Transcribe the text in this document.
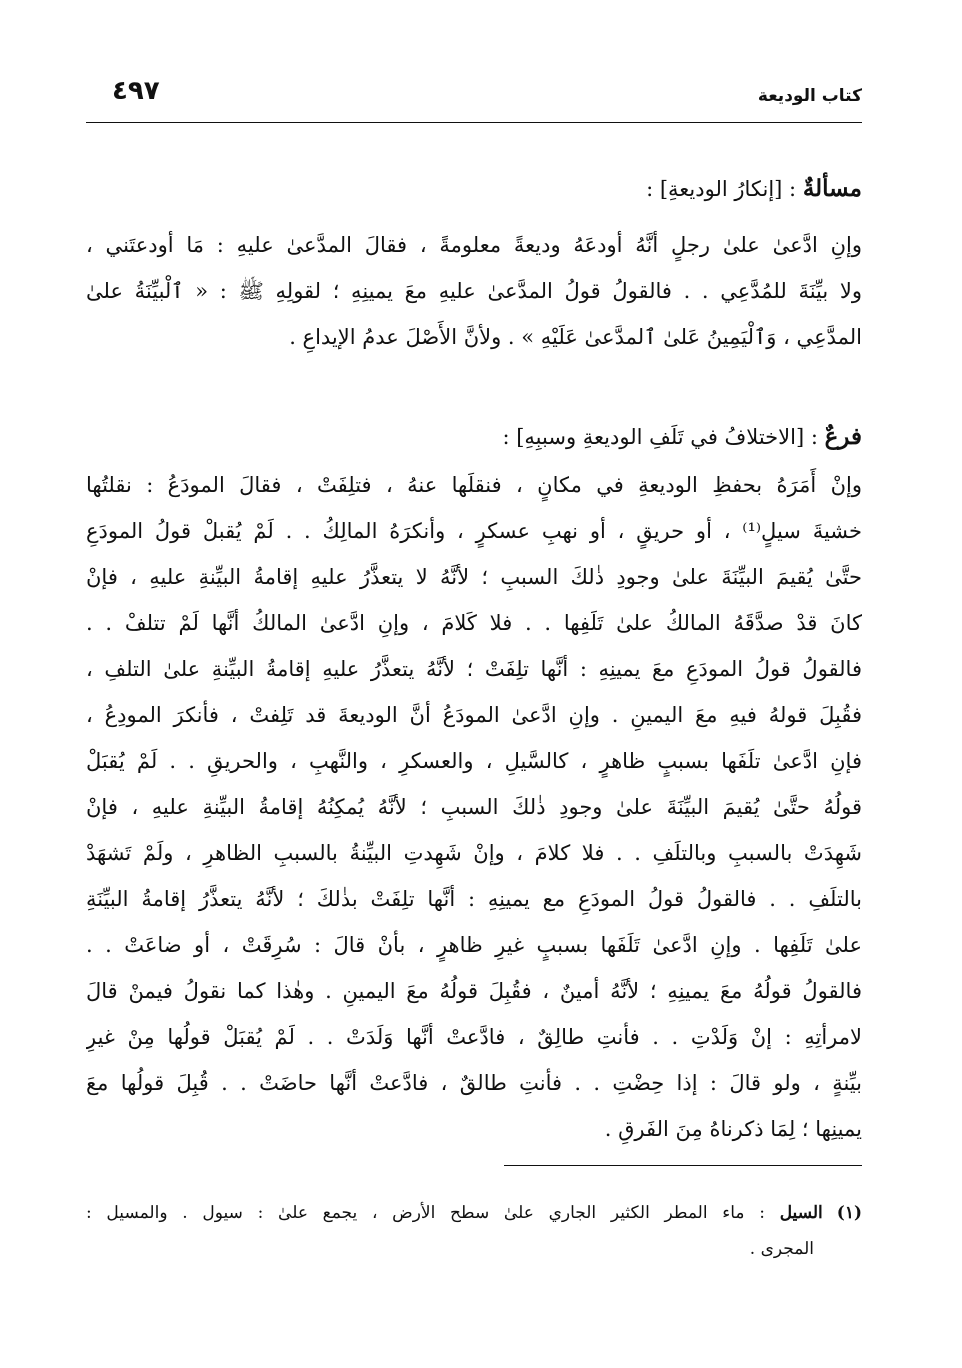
كتاب الوديعة
٤٩٧
مسألةٌ : [إنكارُ الوديعةِ] :
وإنِ ادَّعىٰ علىٰ رجلٍ أنَّهُ أودعَهُ وديعةً معلومةً ، فقالَ المدَّعىٰ عليهِ : مَا أودعتَني ،
ولا بيِّنَةَ للمُدَّعِي . . فالقولُ قولُ المدَّعىٰ عليهِ معَ يمينِهِ ؛ لقولِهِ ﷺ : « ٱلْبيِّنَةُ علىٰ
المدَّعِي ، وَٱلْيَمِينُ عَلىٰ ٱلمدَّعىٰ عَلَيْهِ » . ولأنَّ الأَصْلَ عدمُ الإيداعِ .
فرعٌ : [الاختلافُ في تَلَفِ الوديعةِ وسببِهِ] :
وإنْ أَمَرَهُ بحفظِ الوديعةِ في مكانٍ ، فنقلَها عنهُ ، فتلِفَتْ ، فقالَ المودَعُ : نقلتُها
خشيةَ سيلٍ⁽¹⁾ ، أو حريقٍ ، أو نهبِ عسكرٍ ، وأنكرَهُ المالِكُ . . لَمْ يُقبلْ قولُ المودَعِ
حتَّىٰ يُقيمَ البيِّنَةَ علىٰ وجودِ ذٰلكَ السببِ ؛ لأنَّهُ لا يتعذَّرُ عليهِ إقامةُ البيِّنةِ عليهِ ، فإنْ
كانَ قدْ صدَّقَهُ المالكُ علىٰ تَلَفِها . . فلا كَلامَ ، وإنِ ادَّعىٰ المالكُ أنَّها لَمْ تتلفْ . .
فالقولُ قولُ المودَعِ معَ يمينِهِ : أنَّها تلِفَتْ ؛ لأنَّهُ يتعذَّرُ عليهِ إقامةُ البيِّنةِ علىٰ التلفِ ،
فقُبِلَ قولهُ فيهِ معَ اليمينِ . وإنِ ادَّعىٰ المودَعُ أنَّ الوديعةَ قد تَلِفتْ ، فأنكرَ المودِعُ ،
فإنِ ادَّعىٰ تلَفَها بسببٍ ظاهرٍ ، كالسَّيلِ ، والعسكرِ ، والنَّهبِ ، والحريقِ . . لَمْ يُقبَلْ
قولُهُ حتَّىٰ يُقيمَ البيِّنَةَ علىٰ وجودِ ذٰلكَ السببِ ؛ لأنَّهُ يُمكِنُهُ إقامةُ البيِّنةِ عليهِ ، فإنْ
شَهِدَتْ بالسببِ وبالتلَفِ . . فلا كلامَ ، وإنْ شَهِدتِ البيِّنةُ بالسببِ الظاهرِ ، ولَمْ تَشهَدْ
بالتلَفِ . . فالقولُ قولُ المودَعِ مع يمينِهِ : أنَّها تلِفَتْ بذٰلكَ ؛ لأنَّهُ يتعذَّرُ إقامةُ البيِّنَةِ
علىٰ تَلَفِها . وإنِ ادَّعىٰ تَلَفَها بسببٍ غيرِ ظاهرٍ ، بأنْ قالَ : سُرِقَتْ ، أو ضاعَتْ . .
فالقولُ قولُهُ معَ يمينِهِ ؛ لأنَّهُ أمينٌ ، فقُبِلَ قولُهُ معَ اليمينِ . وهٰذا كما نقولُ فيمنْ قالَ
لامرأتِهِ : إنْ وَلَدْتِ . . فأنتِ طالِقٌ ، فادَّعتْ أنَّها وَلَدَتْ . . لَمْ يُقبَلْ قولُها مِنْ غيرِ
بيِّنةٍ ، ولو قالَ : إذا حِضْتِ . . فأنتِ طالقٌ ، فادَّعتْ أنَّها حاضَتْ . . قُبِلَ قولُها معَ
يمينِها ؛ لِمَا ذكرناهُ مِنَ الفَرقِ .
(١)السيل : ماء المطر الكثير الجاري علىٰ سطح الأرض ، يجمع علىٰ : سيول . والمسيل :
المجرى .
